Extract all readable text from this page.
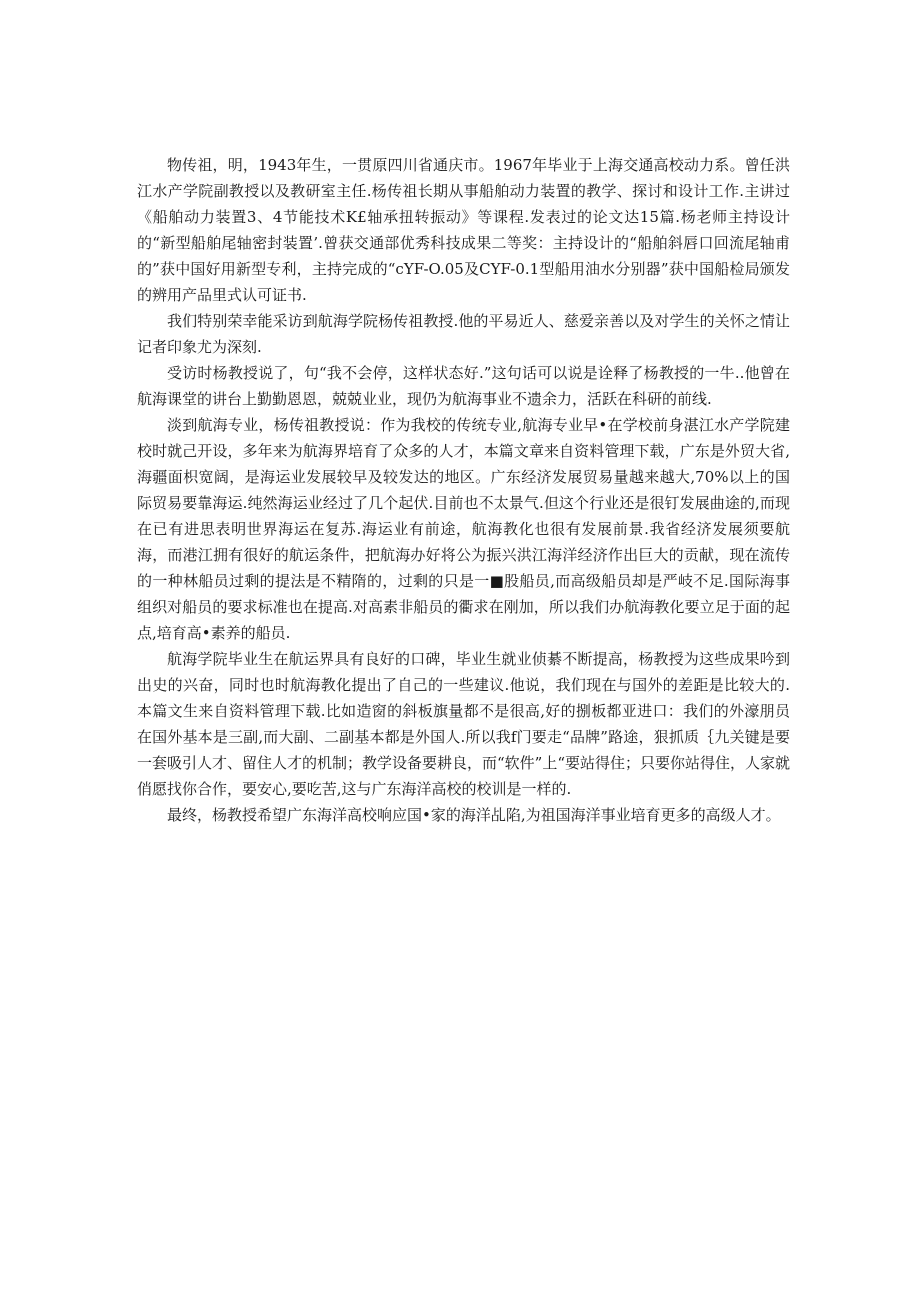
物传祖，明，1943年生，一贯原四川省通庆市。1967年毕业于上海交通高校动力系。曾任洪江水产学院副教授以及教研室主任.杨传祖长期从事船舶动力装置的教学、探讨和设计工作.主讲过《船舶动力装置3、4节能技术K£轴承扭转振动》等课程.发表过的论文达15篇.杨老师主持设计的“新型船舶尾轴密封装置’.曾获交通部优秀科技成果二等奖：主持设计的“船舶斜唇口回流尾轴甫的”获中国好用新型专利，主持完成的“cYF-O.05及CYF-0.1型船用油水分别器”获中国船检局颁发的辨用产品里式认可证书.

我们特别荣幸能采访到航海学院杨传祖教授.他的平易近人、慈爱亲善以及对学生的关怀之情让记者印象尤为深刻.

受访时杨教授说了，句“我不会停，这样状态好.”这句话可以说是诠释了杨教授的一牛..他曾在航海课堂的讲台上勤勤恩恩，兢兢业业，现仍为航海事业不遗余力，活跃在科研的前线.

淡到航海专业，杨传祖教授说：作为我校的传统专业,航海专业早•在学校前身湛江水产学院建校时就己开设，多年来为航海界培育了众多的人才，本篇文章来自资料管理下载，广东是外贸大省,海疆面枳宽阔，是海运业发展较早及较发达的地区。广东经济发展贸易量越来越大,70%以上的国际贸易要靠海运.纯然海运业经过了几个起伏.目前也不太景气.但这个行业还是很钉发展曲途的,而现在已有进思表明世界海运在复苏.海运业有前途，航海教化也很有发展前景.我省经济发展须要航海，而港江拥有很好的航运条件，把航海办好将公为振兴洪江海洋经济作出巨大的贡献，现在流传的一种林船员过剩的提法是不精隋的，过剩的只是一■股船员,而高级船员却是严岐不足.国际海事组织对船员的要求标准也在提高.对高素非船员的衢求在刚加，所以我们办航海教化要立足于面的起点,培育高•素养的船员.

航海学院毕业生在航运界具有良好的口碑，毕业生就业侦綦不断提高，杨教授为这些成果吟到出史的兴奋，同时也时航海教化提出了自己的一些建议.他说，我们现在与国外的差距是比较大的.本篇文生来自资料管理下载.比如造窗的斜板旗量都不是很高,好的捌板都亚进口：我们的外濠朋员在国外基本是三副,而大副、二副基本都是外国人.所以我f门要走“品牌”路途，狠抓质｛九关键是要一套吸引人才、留住人才的机制；教学设备要耕良，而“软件”上“要站得住；只要你站得住，人家就俏愿找你合作，要安心,要吃苦,这与广东海洋高校的校训是一样的.

最终，杨教授希望广东海洋高校响应国•家的海洋乩陷,为祖国海洋事业培育更多的高级人才。
